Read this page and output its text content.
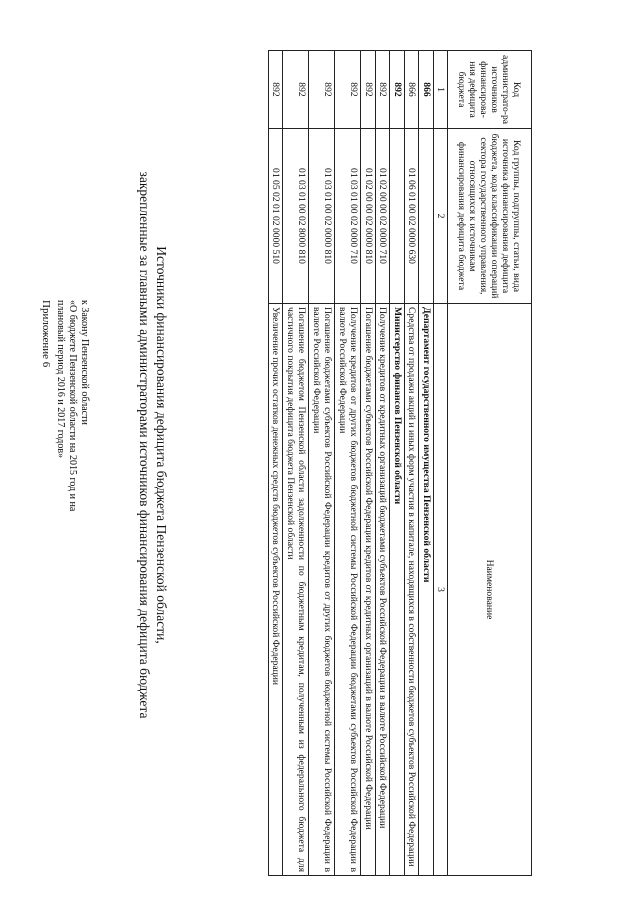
Приложение 6	к Закону Пензенской области
«О бюджете Пензенской области на 2015 год и на
плановый период 2016 и 2017 годов»	Источники финансирования дефицита бюджета Пензенской области,
закрепленные за главными администраторами источников финансирования дефицита бюджета
Код администрато-ра источников финансирова-ния дефицита бюджета	Код группы, подгруппы, статьи, вида источника финансирования дефицита бюджета, кода классификации операций сектора государственного управления, относящихся к источникам финансирования дефицита бюджета	Наименование
1	2	3
866		Департамент государственного имущества Пензенской области
866	01 06 01 00 02 0000 630	Средства от продажи акций и иных форм участия в капитале, находящихся в собственности бюджетов субъектов Российской Федерации
892		Министерство финансов Пензенской области
892	01 02 00 00 02 0000 710	Получение кредитов от кредитных организаций бюджетами субъектов Российской Федерации в валюте Российской Федерации
892	01 02 00 00 02 0000 810	Погашение бюджетами субъектов Российской Федерации кредитов от кредитных организаций в валюте Российской Федерации
892	01 03 01 00 02 0000 710	Получение кредитов от других бюджетов бюджетной системы Российской Федерации бюджетами субъектов Российской Федерации в валюте Российской Федерации
892	01 03 01 00 02 0000 810	Погашение бюджетами субъектов Российской Федерации кредитов от других бюджетов бюджетной системы Российской Федерации в валюте Российской Федерации
892	01 03 01 00 02 8000 810	Погашение бюджетом Пензенской области задолженности по бюджетным кредитам, полученным из федерального бюджета для частичного покрытия дефицита бюджета Пензенской области
892	01 05 02 01 02 0000 510	Увеличение прочих остатков денежных средств бюджетов субъектов Российской Федерации
